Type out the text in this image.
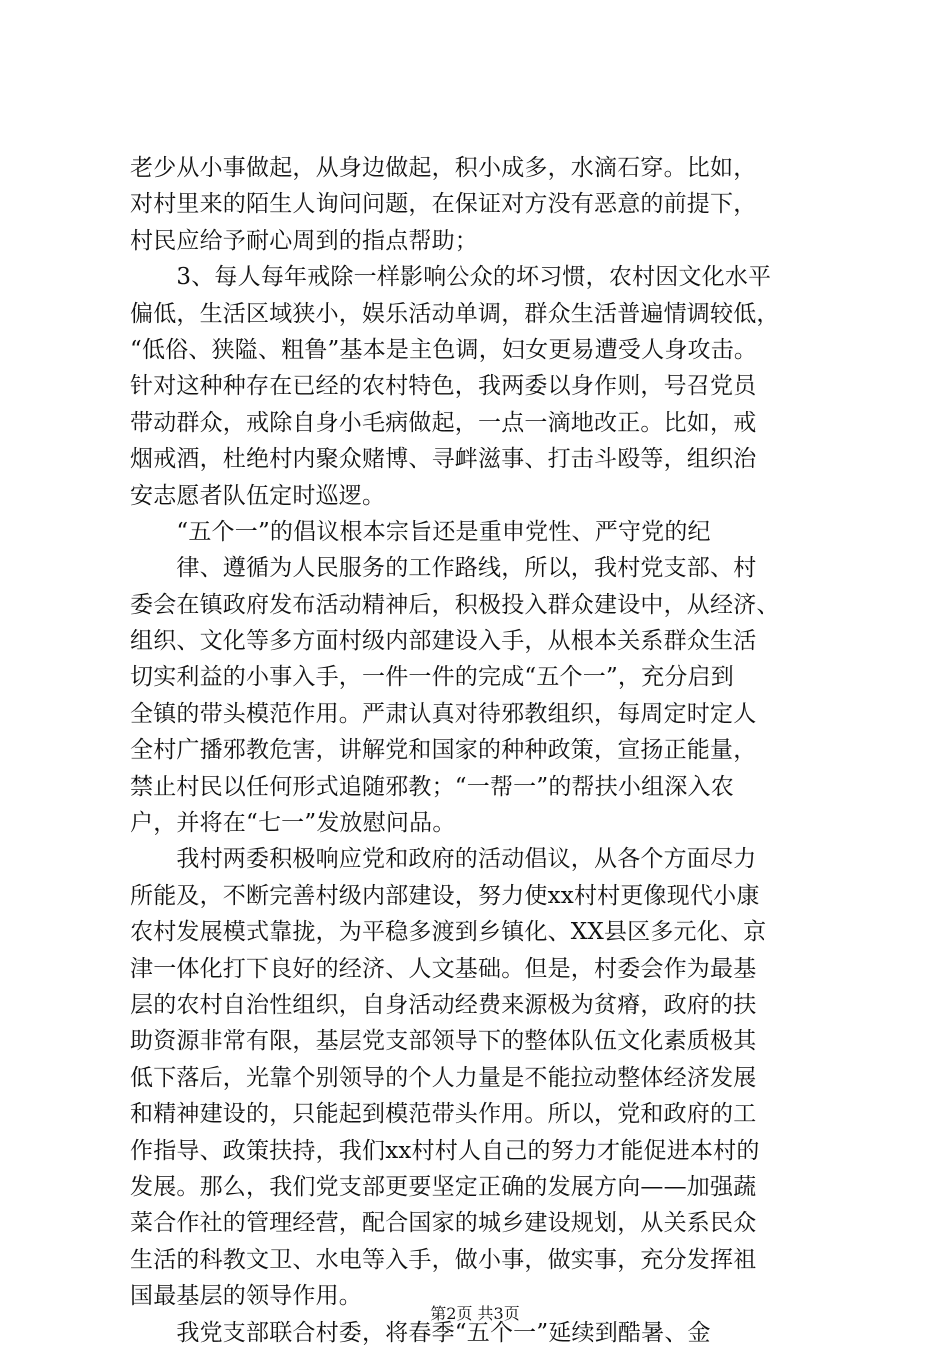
老少从小事做起，从身边做起，积小成多，水滴石穿。比如，
对村里来的陌生人询问问题，在保证对方没有恶意的前提下，
村民应给予耐心周到的指点帮助；
　　3、每人每年戒除一样影响公众的坏习惯，农村因文化水平
偏低，生活区域狭小，娱乐活动单调，群众生活普遍情调较低，
“低俗、狭隘、粗鲁”基本是主色调，妇女更易遭受人身攻击。
针对这种种存在已经的农村特色，我两委以身作则，号召党员
带动群众，戒除自身小毛病做起，一点一滴地改正。比如，戒
烟戒酒，杜绝村内聚众赌博、寻衅滋事、打击斗殴等，组织治
安志愿者队伍定时巡逻。
　　“五个一”的倡议根本宗旨还是重申党性、严守党的纪
　　律、遵循为人民服务的工作路线，所以，我村党支部、村
委会在镇政府发布活动精神后，积极投入群众建设中，从经济、
组织、文化等多方面村级内部建设入手，从根本关系群众生活
切实利益的小事入手，一件一件的完成“五个一”，充分启到
全镇的带头模范作用。严肃认真对待邪教组织，每周定时定人
全村广播邪教危害，讲解党和国家的种种政策，宣扬正能量，
禁止村民以任何形式追随邪教；“一帮一”的帮扶小组深入农
户，并将在“七一”发放慰问品。
　　我村两委积极响应党和政府的活动倡议，从各个方面尽力
所能及，不断完善村级内部建设，努力使xx村村更像现代小康
农村发展模式靠拢，为平稳多渡到乡镇化、XX县区多元化、京
津一体化打下良好的经济、人文基础。但是，村委会作为最基
层的农村自治性组织，自身活动经费来源极为贫瘠，政府的扶
助资源非常有限，基层党支部领导下的整体队伍文化素质极其
低下落后，光靠个别领导的个人力量是不能拉动整体经济发展
和精神建设的，只能起到模范带头作用。所以，党和政府的工
作指导、政策扶持，我们xx村村人自己的努力才能促进本村的
发展。那么，我们党支部更要坚定正确的发展方向——加强蔬
菜合作社的管理经营，配合国家的城乡建设规划，从关系民众
生活的科教文卫、水电等入手，做小事，做实事，充分发挥祖
国最基层的领导作用。
　　我党支部联合村委，将春季“五个一”延续到酷暑、金
第2页 共3页
